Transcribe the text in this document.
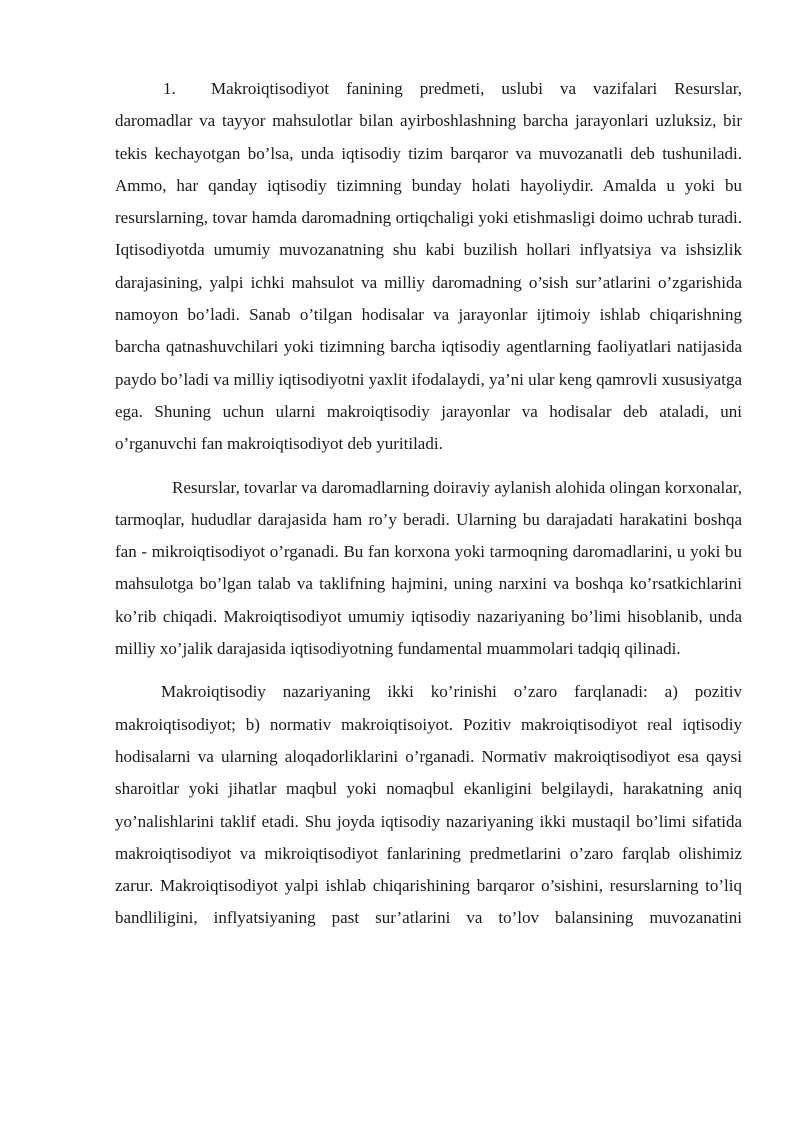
1. Makroiqtisodiyot fanining predmeti, uslubi va vazifalari Resurslar, daromadlar va tayyor mahsulotlar bilan ayirboshlashning barcha jarayonlari uzluksiz, bir tekis kechayotgan bo’lsa, unda iqtisodiy tizim barqaror va muvozanatli deb tushuniladi. Ammo, har qanday iqtisodiy tizimning bunday holati hayoliydir. Amalda u yoki bu resurslarning, tovar hamda daromadning ortiqchaligi yoki etishmasligi doimo uchrab turadi. Iqtisodiyotda umumiy muvozanatning shu kabi buzilish hollari inflyatsiya va ishsizlik darajasining, yalpi ichki mahsulot va milliy daromadning o’sish sur’atlarini o’zgarishida namoyon bo’ladi. Sanab o’tilgan hodisalar va jarayonlar ijtimoiy ishlab chiqarishning barcha qatnashuvchilari yoki tizimning barcha iqtisodiy agentlarning faoliyatlari natijasida paydo bo’ladi va milliy iqtisodiyotni yaxlit ifodalaydi, ya’ni ular keng qamrovli xususiyatga ega. Shuning uchun ularni makroiqtisodiy jarayonlar va hodisalar deb ataladi, uni o’rganuvchi fan makroiqtisodiyot deb yuritiladi.

Resurslar, tovarlar va daromadlarning doiraviy aylanish alohida olingan korxonalar, tarmoqlar, hududlar darajasida ham ro’y beradi. Ularning bu darajadati harakatini boshqa fan - mikroiqtisodiyot o’rganadi. Bu fan korxona yoki tarmoqning daromadlarini, u yoki bu mahsulotga bo’lgan talab va taklifning hajmini, uning narxini va boshqa ko’rsatkichlarini ko’rib chiqadi. Makroiqtisodiyot umumiy iqtisodiy nazariyaning bo’limi hisoblanib, unda milliy xo’jalik darajasida iqtisodiyotning fundamental muammolari tadqiq qilinadi.

Makroiqtisodiy nazariyaning ikki ko’rinishi o’zaro farqlanadi: a) pozitiv makroiqtisodiyot; b) normativ makroiqtisoiyot. Pozitiv makroiqtisodiyot real iqtisodiy hodisalarni va ularning aloqadorliklarini o’rganadi. Normativ makroiqtisodiyot esa qaysi sharoitlar yoki jihatlar maqbul yoki nomaqbul ekanligini belgilaydi, harakatning aniq yo’nalishlarini taklif etadi. Shu joyda iqtisodiy nazariyaning ikki mustaqil bo’limi sifatida makroiqtisodiyot va mikroiqtisodiyot fanlarining predmetlarini o’zaro farqlab olishimiz zarur. Makroiqtisodiyot yalpi ishlab chiqarishining barqaror o’sishini, resurslarning to’liq bandliligini, inflyatsiyaning past sur’atlarini va to’lov balansining muvozanatini
